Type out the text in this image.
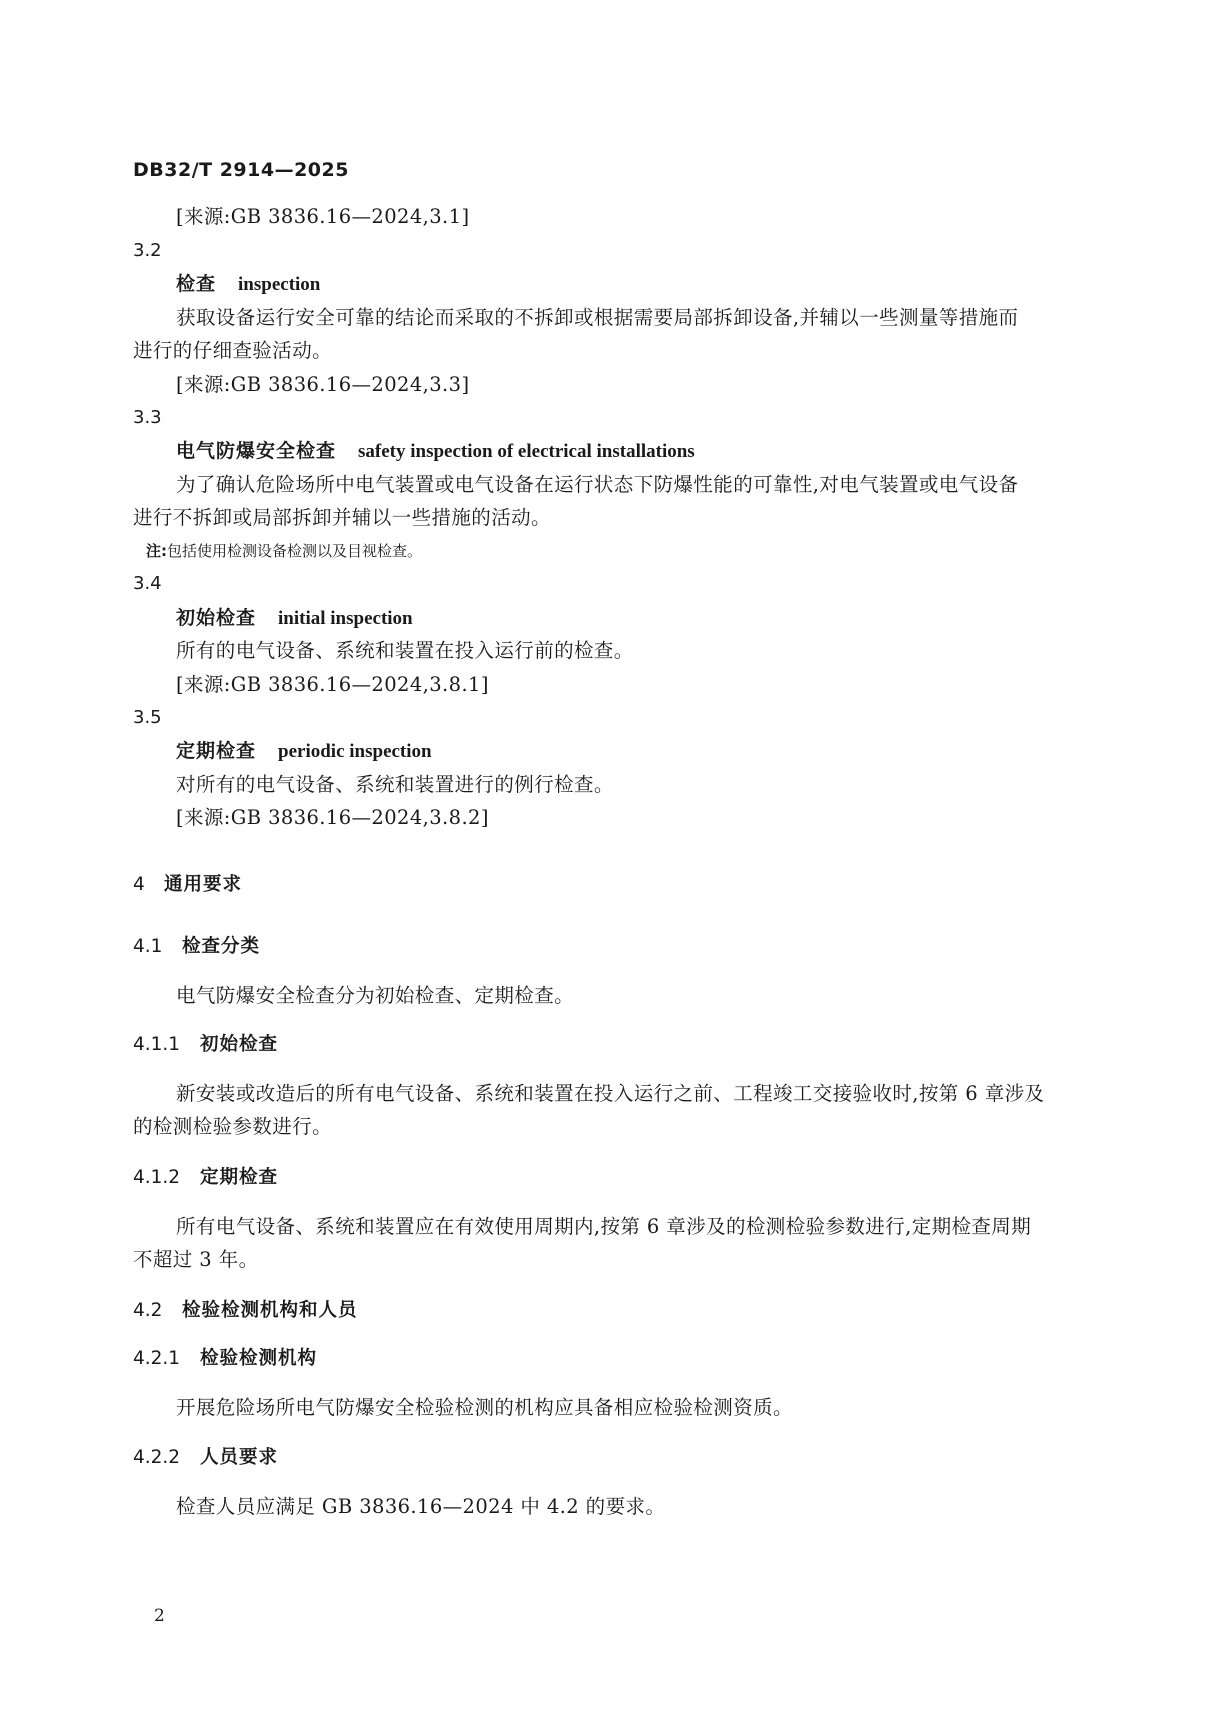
DB32/T 2914—2025
[来源:GB 3836.16—2024,3.1]
3.2
检查 inspection
获取设备运行安全可靠的结论而采取的不拆卸或根据需要局部拆卸设备,并辅以一些测量等措施而
进行的仔细查验活动。
[来源:GB 3836.16—2024,3.3]
3.3
电气防爆安全检查 safety inspection of electrical installations
为了确认危险场所中电气装置或电气设备在运行状态下防爆性能的可靠性,对电气装置或电气设备
进行不拆卸或局部拆卸并辅以一些措施的活动。
注:包括使用检测设备检测以及目视检查。
3.4
初始检查 initial inspection
所有的电气设备、系统和装置在投入运行前的检查。
[来源:GB 3836.16—2024,3.8.1]
3.5
定期检查 periodic inspection
对所有的电气设备、系统和装置进行的例行检查。
[来源:GB 3836.16—2024,3.8.2]
4 通用要求
4.1 检查分类
电气防爆安全检查分为初始检查、定期检查。
4.1.1 初始检查
新安装或改造后的所有电气设备、系统和装置在投入运行之前、工程竣工交接验收时,按第 6 章涉及
的检测检验参数进行。
4.1.2 定期检查
所有电气设备、系统和装置应在有效使用周期内,按第 6 章涉及的检测检验参数进行,定期检查周期
不超过 3 年。
4.2 检验检测机构和人员
4.2.1 检验检测机构
开展危险场所电气防爆安全检验检测的机构应具备相应检验检测资质。
4.2.2 人员要求
检查人员应满足 GB 3836.16—2024 中 4.2 的要求。
2
